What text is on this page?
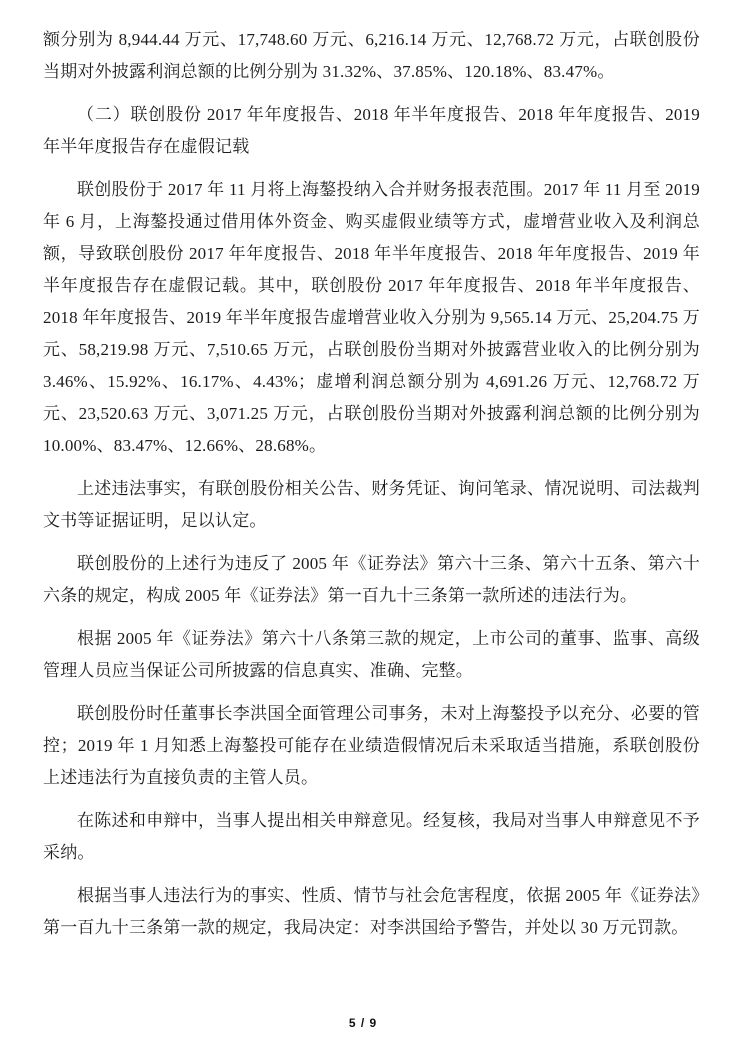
额分别为 8,944.44 万元、17,748.60 万元、6,216.14 万元、12,768.72 万元，占联创股份当期对外披露利润总额的比例分别为 31.32%、37.85%、120.18%、83.47%。

（二）联创股份 2017 年年度报告、2018 年半年度报告、2018 年年度报告、2019 年半年度报告存在虚假记载

联创股份于 2017 年 11 月将上海鏊投纳入合并财务报表范围。2017 年 11 月至 2019 年 6 月，上海鏊投通过借用体外资金、购买虚假业绩等方式，虚增营业收入及利润总额，导致联创股份 2017 年年度报告、2018 年半年度报告、2018 年年度报告、2019 年半年度报告存在虚假记载。其中，联创股份 2017 年年度报告、2018 年半年度报告、2018 年年度报告、2019 年半年度报告虚增营业收入分别为 9,565.14 万元、25,204.75 万元、58,219.98 万元、7,510.65 万元，占联创股份当期对外披露营业收入的比例分别为 3.46%、15.92%、16.17%、4.43%；虚增利润总额分别为 4,691.26 万元、12,768.72 万元、23,520.63 万元、3,071.25 万元，占联创股份当期对外披露利润总额的比例分别为 10.00%、83.47%、12.66%、28.68%。

上述违法事实，有联创股份相关公告、财务凭证、询问笔录、情况说明、司法裁判文书等证据证明，足以认定。

联创股份的上述行为违反了 2005 年《证券法》第六十三条、第六十五条、第六十六条的规定，构成 2005 年《证券法》第一百九十三条第一款所述的违法行为。

根据 2005 年《证券法》第六十八条第三款的规定，上市公司的董事、监事、高级管理人员应当保证公司所披露的信息真实、准确、完整。

联创股份时任董事长李洪国全面管理公司事务，未对上海鏊投予以充分、必要的管控；2019 年 1 月知悉上海鏊投可能存在业绩造假情况后未采取适当措施，系联创股份上述违法行为直接负责的主管人员。

在陈述和申辩中，当事人提出相关申辩意见。经复核，我局对当事人申辩意见不予采纳。

根据当事人违法行为的事实、性质、情节与社会危害程度，依据 2005 年《证券法》第一百九十三条第一款的规定，我局决定：对李洪国给予警告，并处以 30 万元罚款。

5 / 9
